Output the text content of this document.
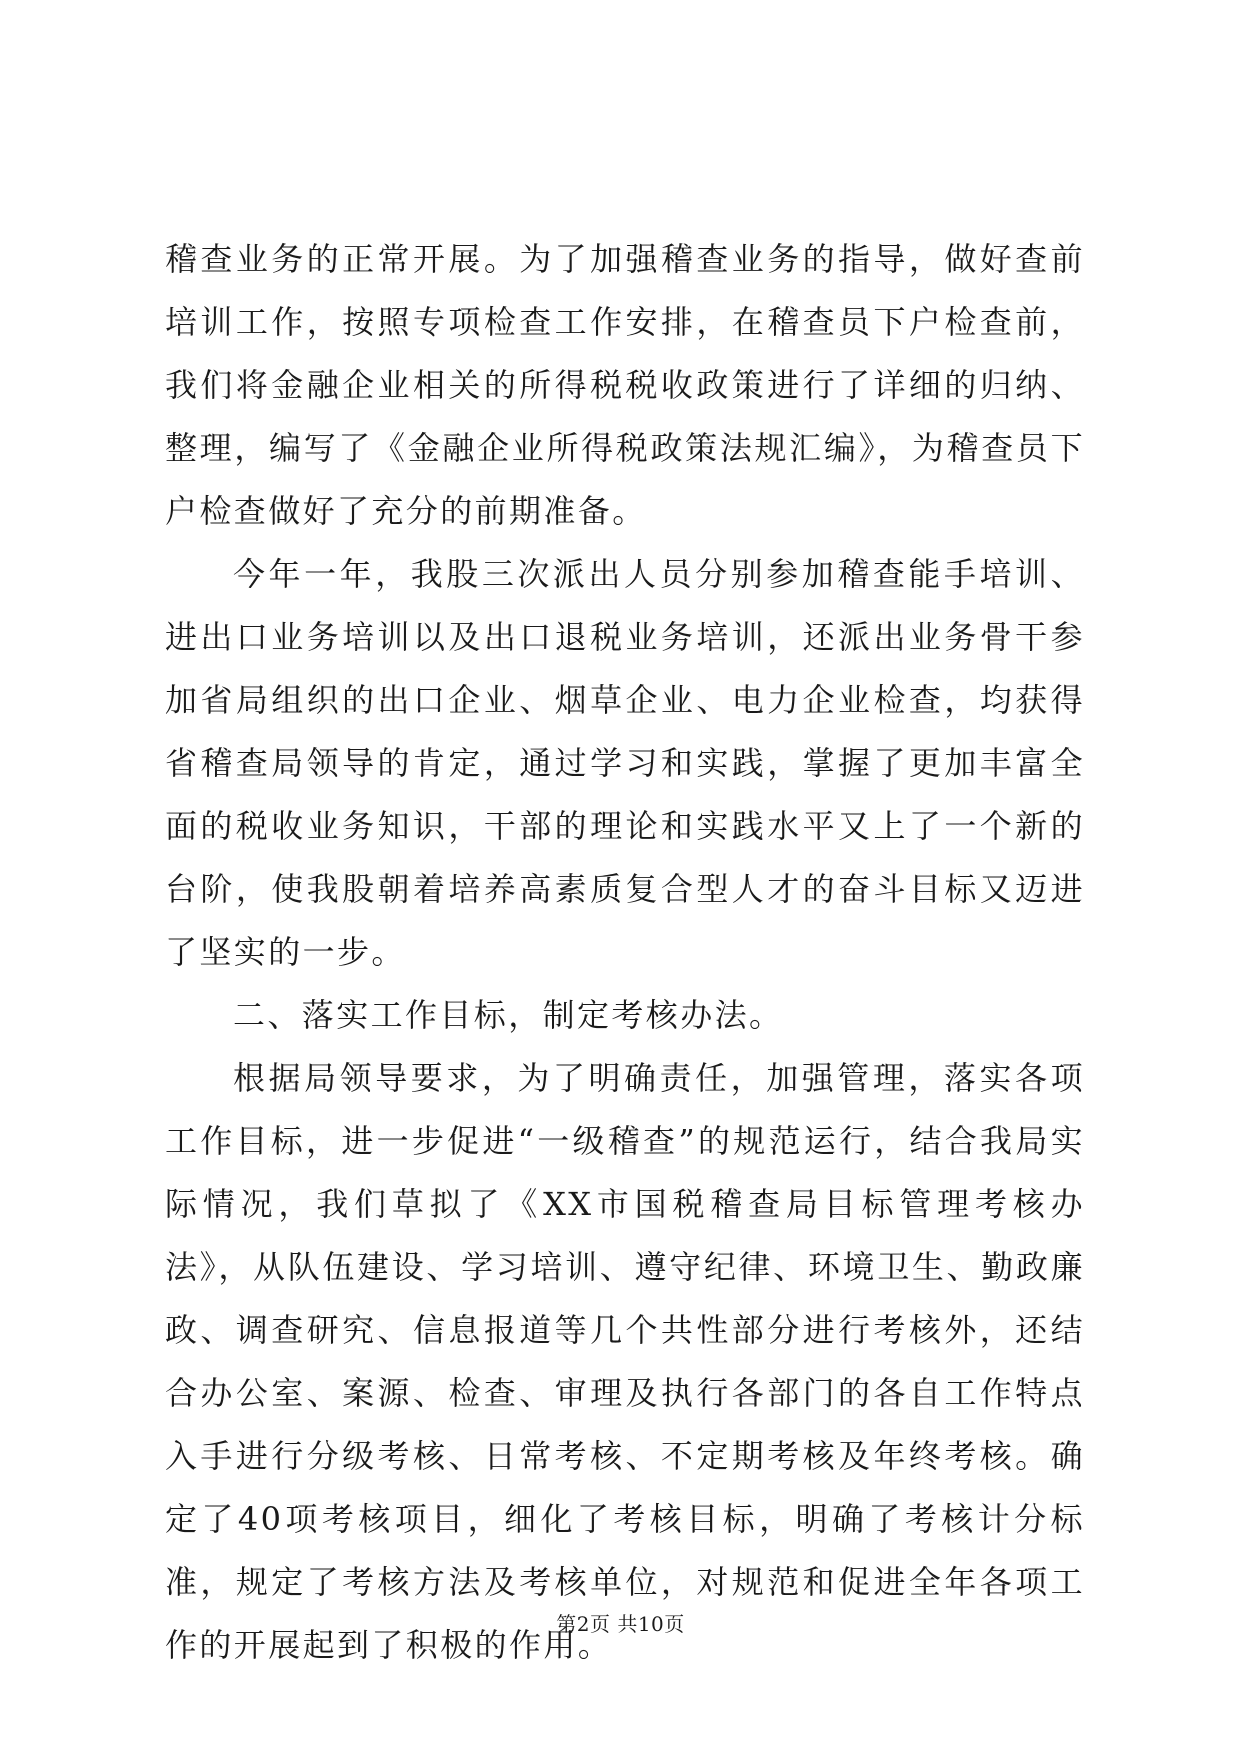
稽查业务的正常开展。为了加强稽查业务的指导，做好查前培训工作，按照专项检查工作安排，在稽查员下户检查前，我们将金融企业相关的所得税税收政策进行了详细的归纳、整理，编写了《金融企业所得税政策法规汇编》，为稽查员下户检查做好了充分的前期准备。

今年一年，我股三次派出人员分别参加稽查能手培训、进出口业务培训以及出口退税业务培训，还派出业务骨干参加省局组织的出口企业、烟草企业、电力企业检查，均获得省稽查局领导的肯定，通过学习和实践，掌握了更加丰富全面的税收业务知识，干部的理论和实践水平又上了一个新的台阶，使我股朝着培养高素质复合型人才的奋斗目标又迈进了坚实的一步。

二、落实工作目标，制定考核办法。

根据局领导要求，为了明确责任，加强管理，落实各项工作目标，进一步促进“一级稽查”的规范运行，结合我局实际情况，我们草拟了《XX市国税稽查局目标管理考核办法》，从队伍建设、学习培训、遵守纪律、环境卫生、勤政廉政、调查研究、信息报道等几个共性部分进行考核外，还结合办公室、案源、检查、审理及执行各部门的各自工作特点入手进行分级考核、日常考核、不定期考核及年终考核。确定了40项考核项目，细化了考核目标，明确了考核计分标准，规定了考核方法及考核单位，对规范和促进全年各项工作的开展起到了积极的作用。

第2页 共10页
